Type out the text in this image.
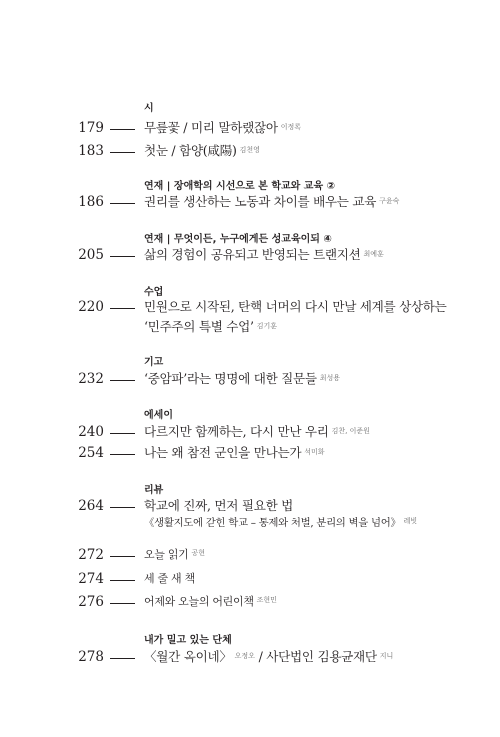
시
179	무릎꽃 / 미리 말하랬잖아 $^{이정록}$
183	첫눈 / 함양(咸陽) $^{김천영}$
연재 | 장애학의 시선으로 본 학교와 교육 ②
186	권리를 생산하는 노동과 차이를 배우는 교육 $^{구윤숙}$
연재 | 무엇이든, 누구에게든 성교육이되 ④
205	삶의 경험이 공유되고 반영되는 트랜지션 $^{최예훈}$
수업
220	민원으로 시작된, 탄핵 너머의 다시 만날 세계를 상상하는
‘민주주의 특별 수업’ $^{김기훈}$
기고
232	‘중암파’라는 명명에 대한 질문들 $^{최성용}$
에세이
240	다르지만 함께하는, 다시 만난 우리 $^{김찬, 이준원}$
254	나는 왜 참전 군인을 만나는가 $^{석미화}$
리뷰
264	학교에 진짜, 먼저 필요한 법
《생활지도에 갇힌 학교 – 통제와 처벌, 분리의 벽을 넘어》 $^{레빗}$
272	오늘 읽기 $^{공현}$
274	세 줄 새 책
276	어제와 오늘의 어린이책 $^{조현민}$
내가 밀고 있는 단체
278	〈월간 옥이네〉 $^{오정오}$ / 사단법인 김용균재단 $^{지니}$
